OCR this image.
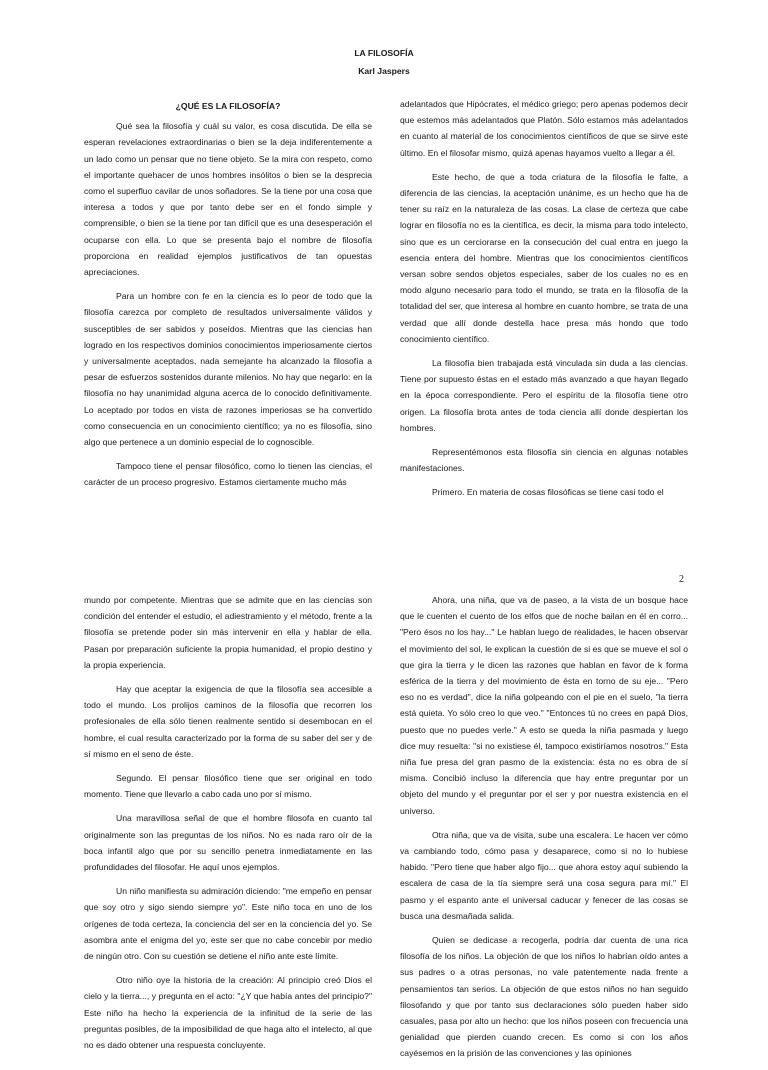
LA FILOSOFÍA
Karl Jaspers
¿QUÉ ES LA FILOSOFÍA?

Qué sea la filosofía y cuál su valor, es cosa discutida. De ella se esperan revelaciones extraordinarias o bien se la deja indiferentemente a un lado como un pensar que no tiene objeto. Se la mira con respeto, como el importante quehacer de unos hombres insólitos o bien se la desprecia como el superfluo cavilar de unos soñadores. Se la tiene por una cosa que interesa a todos y que por tanto debe ser en el fondo simple y comprensible, o bien se la tiene por tan difícil que es una desesperación el ocuparse con ella. Lo que se presenta bajo el nombre de filosofía proporciona en realidad ejemplos justificativos de tan opuestas apreciaciones.

Para un hombre con fe en la ciencia es lo peor de todo que la filosofía carezca por completo de resultados universalmente válidos y susceptibles de ser sabidos y poseídos. Mientras que las ciencias han logrado en los respectivos dominios conocimientos imperiosamente ciertos y universalmente aceptados, nada semejante ha alcanzado la filosofía a pesar de esfuerzos sostenidos durante milenios. No hay que negarlo: en la filosofía no hay unanimidad alguna acerca de lo conocido definitivamente. Lo aceptado por todos en vista de razones imperiosas se ha convertido como consecuencia en un conocimiento científico; ya no es filosofía, sino algo que pertenece a un dominio especial de lo cognoscible.

Tampoco tiene el pensar filosófico, como lo tienen las ciencias, el carácter de un proceso progresivo. Estamos ciertamente mucho más

adelantados que Hipócrates, el médico griego; pero apenas podemos decir que estemos más adelantados que Platón. Sólo estamos más adelantados en cuanto al material de los conocimientos científicos de que se sirve este último. En el filosofar mismo, quizá apenas hayamos vuelto a llegar a él.

Este hecho, de que a toda criatura de la filosofía le falte, a diferencia de las ciencias, la aceptación unánime, es un hecho que ha de tener su raíz en la naturaleza de las cosas. La clase de certeza que cabe lograr en filosofía no es la científica, es decir, la misma para todo intelecto, sino que es un cerciorarse en la consecución del cual entra en juego la esencia entera del hombre. Mientras que los conocimientos científicos versan sobre sendos objetos especiales, saber de los cuales no es en modo alguno necesario para todo el mundo, se trata en la filosofía de la totalidad del ser, que interesa al hombre en cuanto hombre, se trata de una verdad que allí donde destella hace presa más hondo que todo conocimiento científico.

La filosofía bien trabajada está vinculada sin duda a las ciencias. Tiene por supuesto éstas en el estado más avanzado a que hayan llegado en la época correspondiente. Pero el espíritu de la filosofía tiene otro origen. La filosofía brota antes de toda ciencia allí donde despiertan los hombres.

Representémonos esta filosofía sin ciencia en algunas notables manifestaciones.

Primero. En materia de cosas filosóficas se tiene casi todo el

2

mundo por competente. Mientras que se admite que en las ciencias son condición del entender el estudio, el adiestramiento y el método, frente a la filosofía se pretende poder sin más intervenir en ella y hablar de ella. Pasan por preparación suficiente la propia humanidad, el propio destino y la propia experiencia.

Hay que aceptar la exigencia de que la filosofía sea accesible a todo el mundo. Los prolijos caminos de la filosofía que recorren los profesionales de ella sólo tienen realmente sentido si desembocan en el hombre, el cual resulta caracterizado por la forma de su saber del ser y de sí mismo en el seno de éste.

Segundo. El pensar filosófico tiene que ser original en todo momento. Tiene que llevarlo a cabo cada uno por sí mismo.

Una maravillosa señal de que el hombre filosofa en cuanto tal originalmente son las preguntas de los niños. No es nada raro oír de la boca infantil algo que por su sencillo penetra inmediatamente en las profundidades del filosofar. He aquí unos ejemplos.

Un niño manifiesta su admiración diciendo: "me empeño en pensar que soy otro y sigo siendo siempre yo". Este niño toca en uno de los orígenes de toda certeza, la conciencia del ser en la conciencia del yo. Se asombra ante el enigma del yo, este ser que no cabe concebir por medio de ningún otro. Con su cuestión se detiene el niño ante este límite.

Otro niño oye la historia de la creación: Al principio creó Dios el cielo y la tierra..., y pregunta en el acto: "¿Y que había antes del principio?" Este niño ha hecho la experiencia de la infinitud de la serie de las preguntas posibles, de la imposibilidad de que haga alto el intelecto, al que no es dado obtener una respuesta concluyente.

Ahora, una niña, que va de paseo, a la vista de un bosque hace que le cuenten el cuento de los elfos que de noche bailan en él en corro... "Pero ésos no los hay..." Le hablan luego de realidades, le hacen observar el movimiento del sol, le explican la cuestión de si es que se mueve el sol o que gira la tierra y le dicen las razones que hablan en favor de k forma esférica de la tierra y del movimiento de ésta en torno de su eje... "Pero eso no es verdad", dice la niña golpeando con el pie en el suelo, "la tierra está quieta. Yo sólo creo lo que veo." "Entonces tú no crees en papá Dios, puesto que no puedes verle." A esto se queda la niña pasmada y luego dice muy resuelta: "si no existiese él, tampoco existiríamos nosotros." Esta niña fue presa del gran pasmo de la existencia: ésta no es obra de sí misma. Concibió incluso la diferencia que hay entre preguntar por un objeto del mundo y el preguntar por el ser y por nuestra existencia en el universo.

Otra niña, que va de visita, sube una escalera. Le hacen ver cómo va cambiando todo, cómo pasa y desaparece, como si no lo hubiese habido. "Pero tiene que haber algo fijo... que ahora estoy aquí subiendo la escalera de casa de la tía siempre será una cosa segura para mí." El pasmo y el espanto ante el universal caducar y fenecer de las cosas se busca una desmañada salida.

Quien se dedicase a recogerla, podría dar cuenta de una rica filosofía de los niños. La objeción de que los niños lo habrían oído antes a sus padres o a otras personas, no vale patentemente nada frente a pensamientos tan serios. La objeción de que estos niños no han seguido filosofando y que por tanto sus declaraciones sólo pueden haber sido casuales, pasa por alto un hecho: que los niños poseen con frecuencia una genialidad que pierden cuando crecen. Es como si con los años cayésemos en la prisión de las convenciones y las opiniones
